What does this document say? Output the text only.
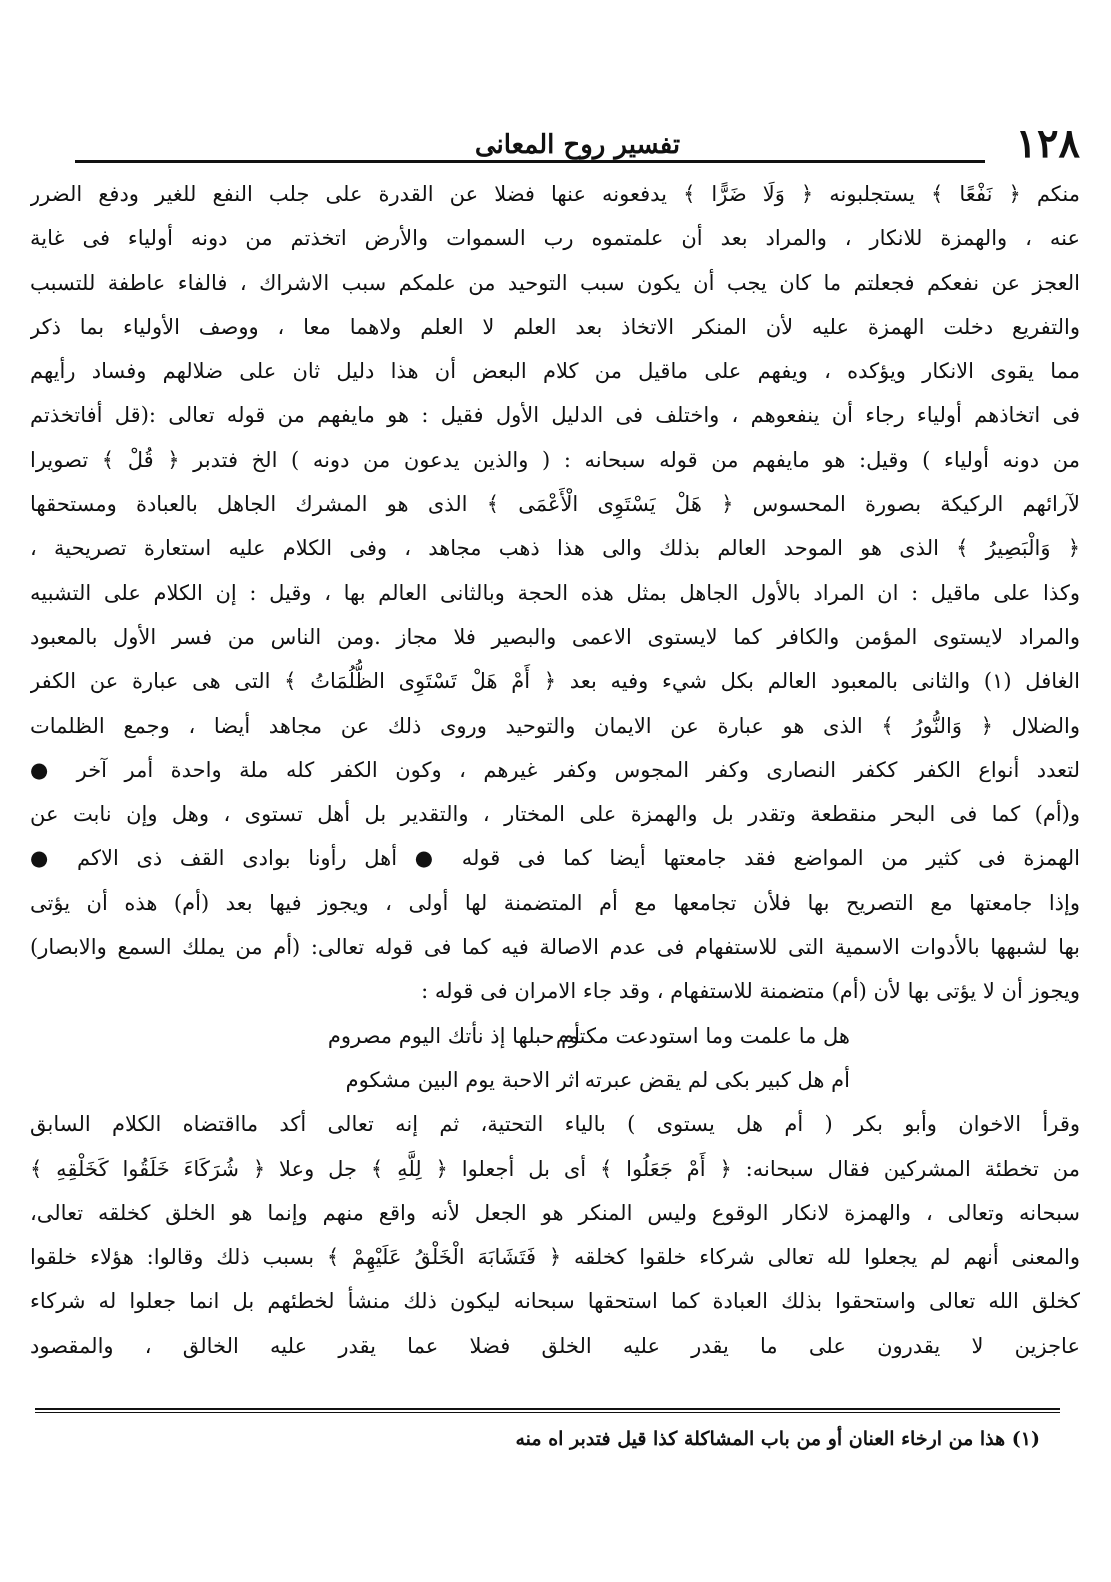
١٢٨
تفسير روح المعانى
منكم ﴿ نَفْعًا ﴾ يستجلبونه ﴿ وَلَا ضَرًّا ﴾ يدفعونه عنها فضلا عن القدرة على جلب النفع للغير ودفع الضرر
عنه ، والهمزة للانكار ، والمراد بعد أن علمتموه رب السموات والأرض اتخذتم من دونه أولياء فى غاية
العجز عن نفعكم فجعلتم ما كان يجب أن يكون سبب التوحيد من علمكم سبب الاشراك ، فالفاء عاطفة للتسبب
والتفريع دخلت الهمزة عليه لأن المنكر الاتخاذ بعد العلم لا العلم ولاهما معا ، ووصف الأولياء بما ذكر
مما يقوى الانكار ويؤكده ، ويفهم على ماقيل من كلام البعض أن هذا دليل ثان على ضلالهم وفساد رأيهم
فى اتخاذهم أولياء رجاء أن ينفعوهم ، واختلف فى الدليل الأول فقيل : هو مايفهم من قوله تعالى :(قل أفاتخذتم
من دونه أولياء ) وقيل: هو مايفهم من قوله سبحانه : ( والذين يدعون من دونه ) الخ فتدبر ﴿ قُلْ ﴾ تصويرا
لآرائهم الركيكة بصورة المحسوس ﴿ هَلْ يَسْتَوِى الْأَعْمَى ﴾ الذى هو المشرك الجاهل بالعبادة ومستحقها
﴿ وَالْبَصِيرُ ﴾ الذى هو الموحد العالم بذلك والى هذا ذهب مجاهد ، وفى الكلام عليه استعارة تصريحية ،
وكذا على ماقيل : ان المراد بالأول الجاهل بمثل هذه الحجة وبالثانى العالم بها ، وقيل : إن الكلام على التشبيه
والمراد لايستوى المؤمن والكافر كما لايستوى الاعمى والبصير فلا مجاز .ومن الناس من فسر الأول بالمعبود
الغافل (١) والثانى بالمعبود العالم بكل شيء وفيه بعد ﴿ أَمْ هَلْ تَسْتَوِى الظُّلُمَاتُ ﴾ التى هى عبارة عن الكفر
والضلال ﴿ وَالنُّورُ ﴾ الذى هو عبارة عن الايمان والتوحيد وروى ذلك عن مجاهد أيضا ، وجمع الظلمات
لتعدد أنواع الكفر ككفر النصارى وكفر المجوس وكفر غيرهم ، وكون الكفر كله ملة واحدة أمر آخر ●
و(أم) كما فى البحر منقطعة وتقدر بل والهمزة على المختار ، والتقدير بل أهل تستوى ، وهل وإن نابت عن
الهمزة فى كثير من المواضع فقد جامعتها أيضا كما فى قوله ● أهل رأونا بوادى القف ذى الاكم ●
وإذا جامعتها مع التصريح بها فلأن تجامعها مع أم المتضمنة لها أولى ، ويجوز فيها بعد (أم) هذه أن يؤتى
بها لشبهها بالأدوات الاسمية التى للاستفهام فى عدم الاصالة فيه كما فى قوله تعالى: (أم من يملك السمع والابصار)
ويجوز أن لا يؤتى بها لأن (أم) متضمنة للاستفهام ، وقد جاء الامران فى قوله :
هل ما علمت وما استودعت مكتوم
أم حبلها إذ نأتك اليوم مصروم
أم هل كبير بكى لم يقض عبرته
اثر الاحبة يوم البين مشكوم
وقرأ الاخوان وأبو بكر ( أم هل يستوى ) بالياء التحتية، ثم إنه تعالى أكد مااقتضاه الكلام السابق
من تخطئة المشركين فقال سبحانه: ﴿ أَمْ جَعَلُوا ﴾ أى بل أجعلوا ﴿ لِلَّهِ ﴾ جل وعلا ﴿ شُرَكَاءَ خَلَقُوا كَخَلْقِهِ ﴾
سبحانه وتعالى ، والهمزة لانكار الوقوع وليس المنكر هو الجعل لأنه واقع منهم وإنما هو الخلق كخلقه تعالى،
والمعنى أنهم لم يجعلوا لله تعالى شركاء خلقوا كخلقه ﴿ فَتَشَابَهَ الْخَلْقُ عَلَيْهِمْ ﴾ بسبب ذلك وقالوا: هؤلاء خلقوا
كخلق الله تعالى واستحقوا بذلك العبادة كما استحقها سبحانه ليكون ذلك منشأ لخطئهم بل انما جعلوا له شركاء
عاجزين لا يقدرون على ما يقدر عليه الخلق فضلا عما يقدر عليه الخالق ، والمقصود
(١) هذا من ارخاء العنان أو من باب المشاكلة كذا قيل فتدبر اه منه
